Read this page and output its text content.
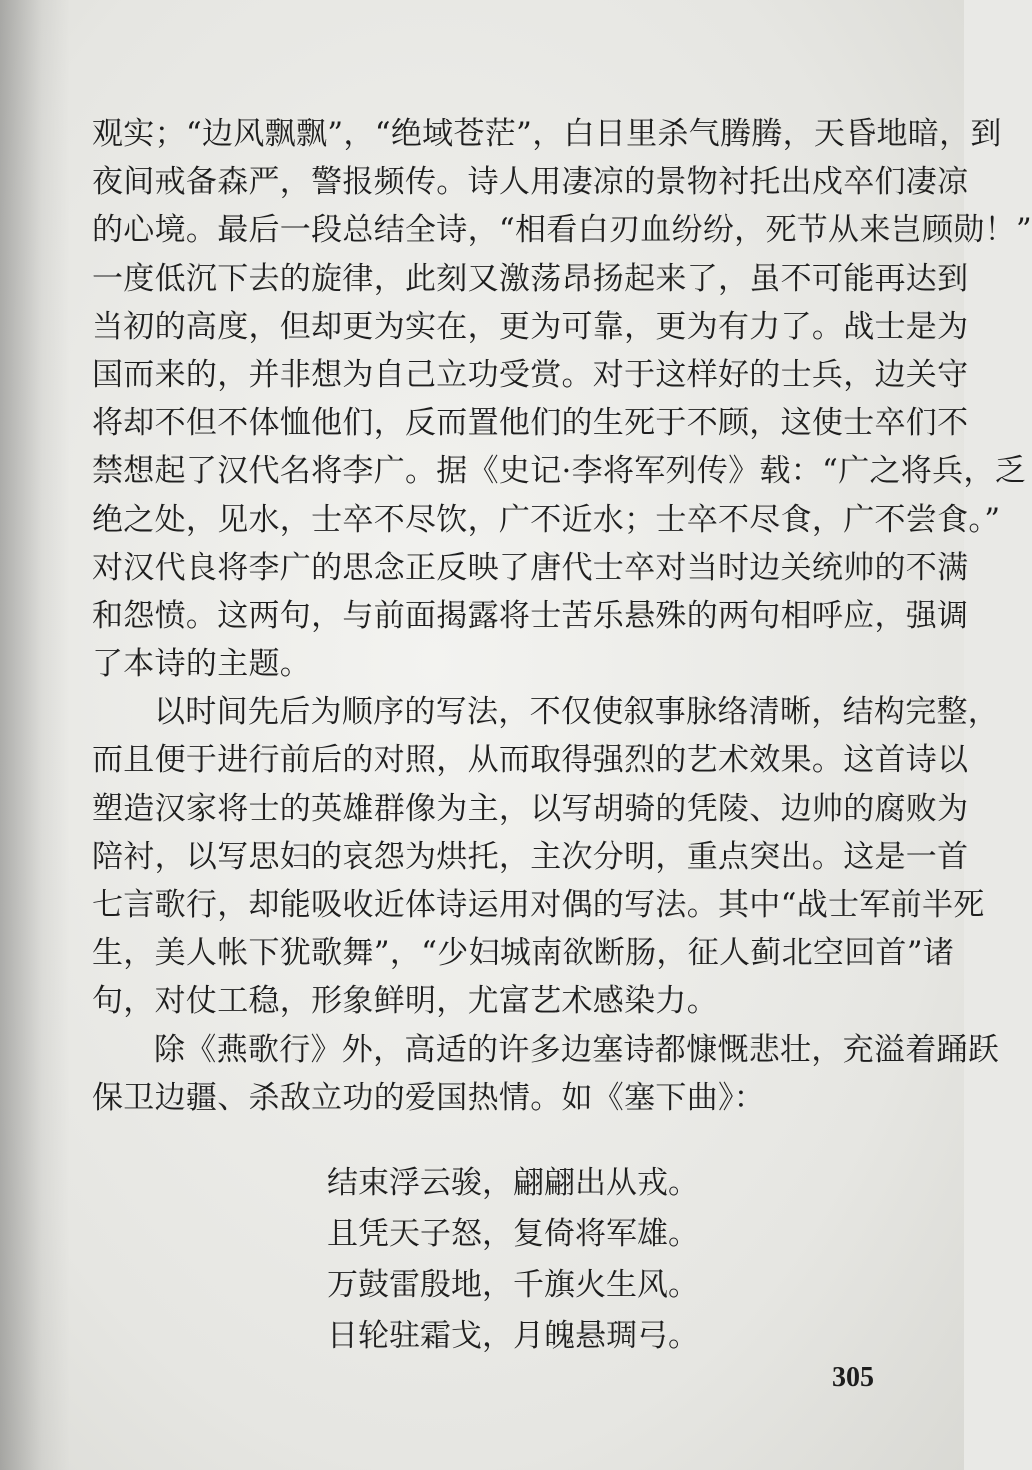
观实；“边风飘飘”，“绝域苍茫”，白日里杀气腾腾，天昏地暗，到
夜间戒备森严，警报频传。诗人用凄凉的景物衬托出戍卒们凄凉
的心境。最后一段总结全诗，“相看白刃血纷纷，死节从来岂顾勋！”
一度低沉下去的旋律，此刻又激荡昂扬起来了，虽不可能再达到
当初的高度，但却更为实在，更为可靠，更为有力了。战士是为
国而来的，并非想为自己立功受赏。对于这样好的士兵，边关守
将却不但不体恤他们，反而置他们的生死于不顾，这使士卒们不
禁想起了汉代名将李广。据《史记·李将军列传》载：“广之将兵，乏
绝之处，见水，士卒不尽饮，广不近水；士卒不尽食，广不尝食。”
对汉代良将李广的思念正反映了唐代士卒对当时边关统帅的不满
和怨愤。这两句，与前面揭露将士苦乐悬殊的两句相呼应，强调
了本诗的主题。
以时间先后为顺序的写法，不仅使叙事脉络清晰，结构完整，
而且便于进行前后的对照，从而取得强烈的艺术效果。这首诗以
塑造汉家将士的英雄群像为主，以写胡骑的凭陵、边帅的腐败为
陪衬，以写思妇的哀怨为烘托，主次分明，重点突出。这是一首
七言歌行，却能吸收近体诗运用对偶的写法。其中“战士军前半死
生，美人帐下犹歌舞”，“少妇城南欲断肠，征人蓟北空回首”诸
句，对仗工稳，形象鲜明，尤富艺术感染力。
除《燕歌行》外，高适的许多边塞诗都慷慨悲壮，充溢着踊跃
保卫边疆、杀敌立功的爱国热情。如《塞下曲》：
结束浮云骏，翩翩出从戎。
且凭天子怒，复倚将军雄。
万鼓雷殷地，千旗火生风。
日轮驻霜戈，月魄悬琱弓。
305
